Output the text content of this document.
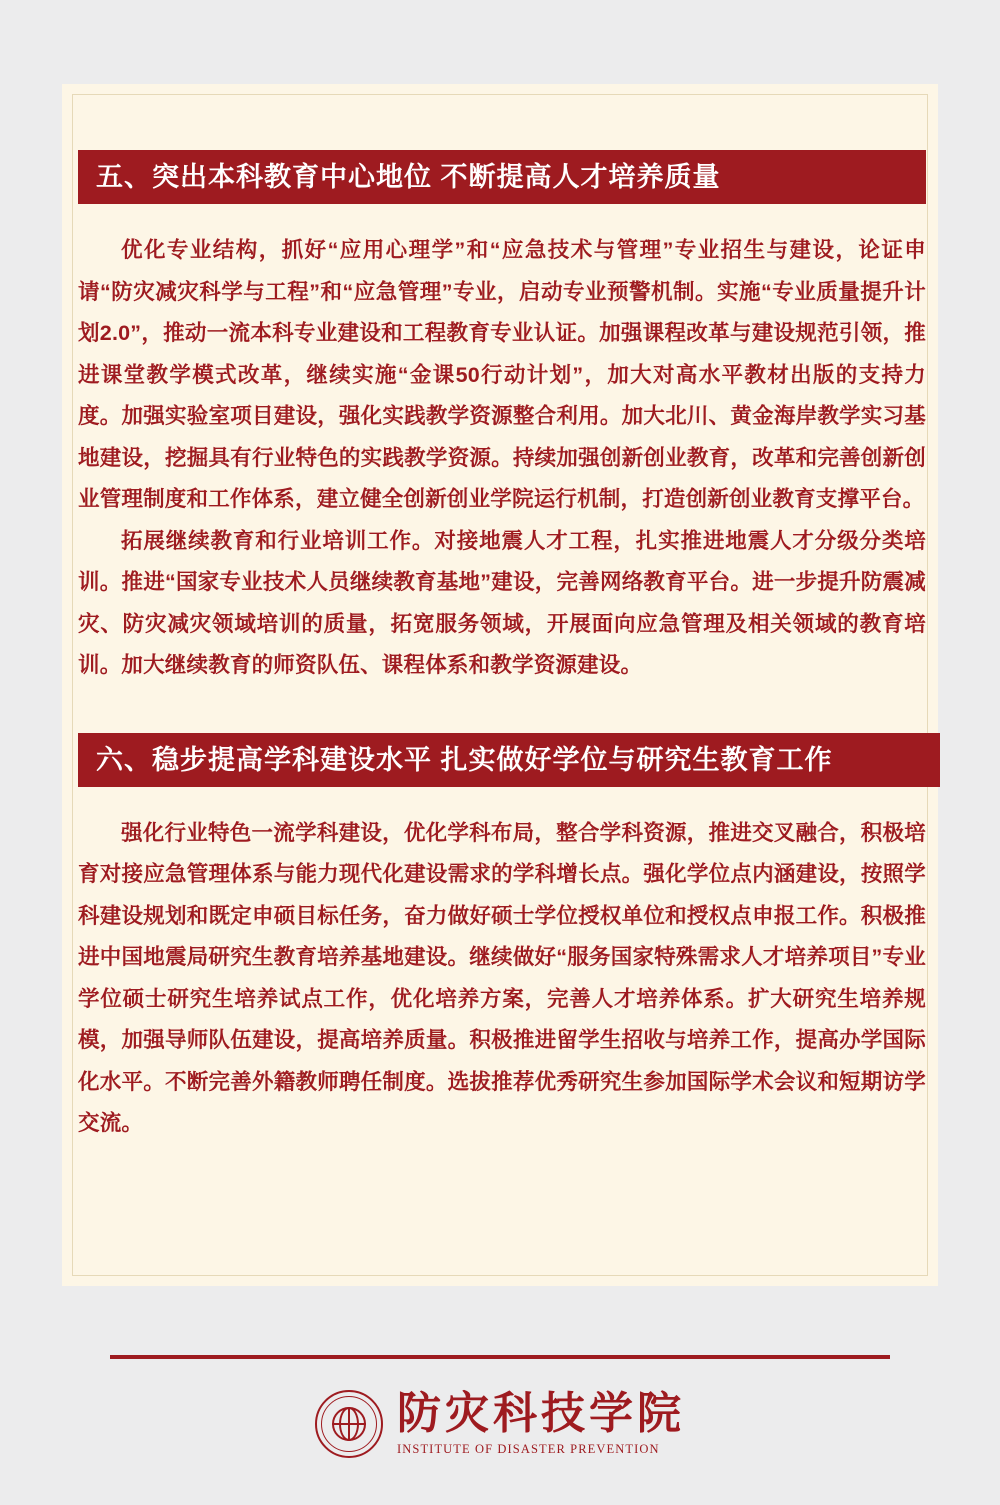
五、突出本科教育中心地位 不断提高人才培养质量

优化专业结构，抓好“应用心理学”和“应急技术与管理”专业招生与建设，论证申请“防灾减灾科学与工程”和“应急管理”专业，启动专业预警机制。实施“专业质量提升计划2.0”，推动一流本科专业建设和工程教育专业认证。加强课程改革与建设规范引领，推进课堂教学模式改革，继续实施“金课50行动计划”，加大对高水平教材出版的支持力度。加强实验室项目建设，强化实践教学资源整合利用。加大北川、黄金海岸教学实习基地建设，挖掘具有行业特色的实践教学资源。持续加强创新创业教育，改革和完善创新创业管理制度和工作体系，建立健全创新创业学院运行机制，打造创新创业教育支撑平台。

拓展继续教育和行业培训工作。对接地震人才工程，扎实推进地震人才分级分类培训。推进“国家专业技术人员继续教育基地”建设，完善网络教育平台。进一步提升防震减灾、防灾减灾领域培训的质量，拓宽服务领域，开展面向应急管理及相关领域的教育培训。加大继续教育的师资队伍、课程体系和教学资源建设。

六、稳步提高学科建设水平 扎实做好学位与研究生教育工作

强化行业特色一流学科建设，优化学科布局，整合学科资源，推进交叉融合，积极培育对接应急管理体系与能力现代化建设需求的学科增长点。强化学位点内涵建设，按照学科建设规划和既定申硕目标任务，奋力做好硕士学位授权单位和授权点申报工作。积极推进中国地震局研究生教育培养基地建设。继续做好“服务国家特殊需求人才培养项目”专业学位硕士研究生培养试点工作，优化培养方案，完善人才培养体系。扩大研究生培养规模，加强导师队伍建设，提高培养质量。积极推进留学生招收与培养工作，提高办学国际化水平。不断完善外籍教师聘任制度。选拔推荐优秀研究生参加国际学术会议和短期访学交流。

防灾科技学院
INSTITUTE OF DISASTER PREVENTION
